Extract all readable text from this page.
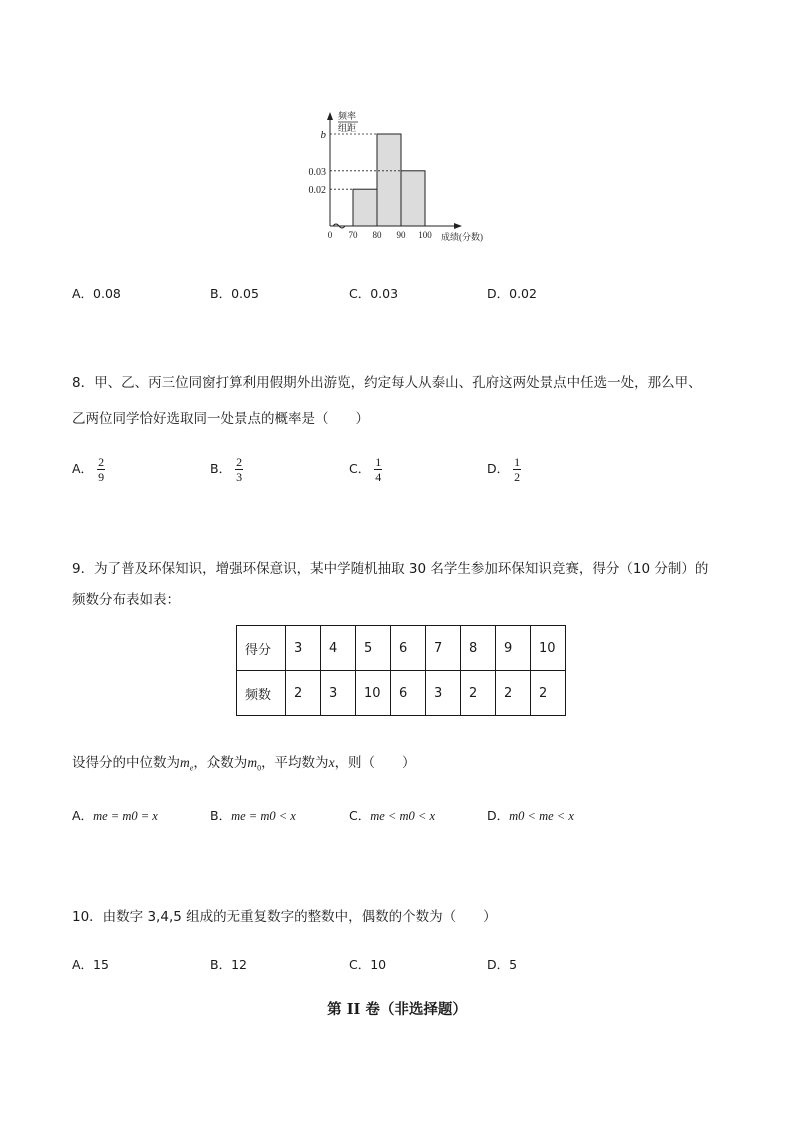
频率
组距
b
0.03
0.02
0 70 80 90 100 成绩(分数)
A．0.08	B．0.05	C．0.03	D．0.02
8．甲、乙、丙三位同窗打算利用假期外出游览，约定每人从泰山、孔府这两处景点中任选一处，那么甲、
乙两位同学恰好选取同一处景点的概率是（　　）
A． $\frac{2}{9}$	B． $\frac{2}{3}$	C． $\frac{1}{4}$	D． $\frac{1}{2}$
9．为了普及环保知识，增强环保意识，某中学随机抽取 30 名学生参加环保知识竞赛，得分（10 分制）的
频数分布表如表：
得分	3	4	5	6	7	8	9	10
频数	2	3	10	6	3	2	2	2
设得分的中位数为$m_e$，众数为$m_0$，平均数为x，则（　　）
A．me = m0 = x	B．me = m0 < x	C．me < m0 < x	D．m0 < me < x
10．由数字 3,4,5 组成的无重复数字的整数中，偶数的个数为（　　）
A．15	B．12	C．10	D．5
第 II 卷（非选择题）
